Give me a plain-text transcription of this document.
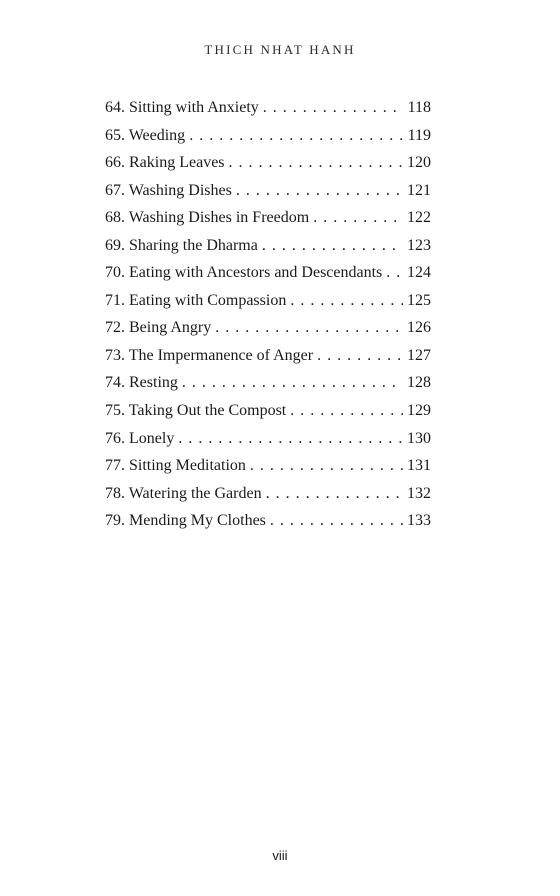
THICH NHAT HANH
64. Sitting with Anxiety . . .	118
65. Weeding . . .	119
66. Raking Leaves . . .	120
67. Washing Dishes . . .	121
68. Washing Dishes in Freedom . . .	122
69. Sharing the Dharma . . .	123
70. Eating with Ancestors and Descendants . . . 124
71. Eating with Compassion . . .	125
72. Being Angry . . .	126
73. The Impermanence of Anger . . .	127
74. Resting . . .	128
75. Taking Out the Compost . . .	129
76. Lonely . . .	130
77. Sitting Meditation . . .	131
78. Watering the Garden . . .	132
79. Mending My Clothes . . .	133
viii
